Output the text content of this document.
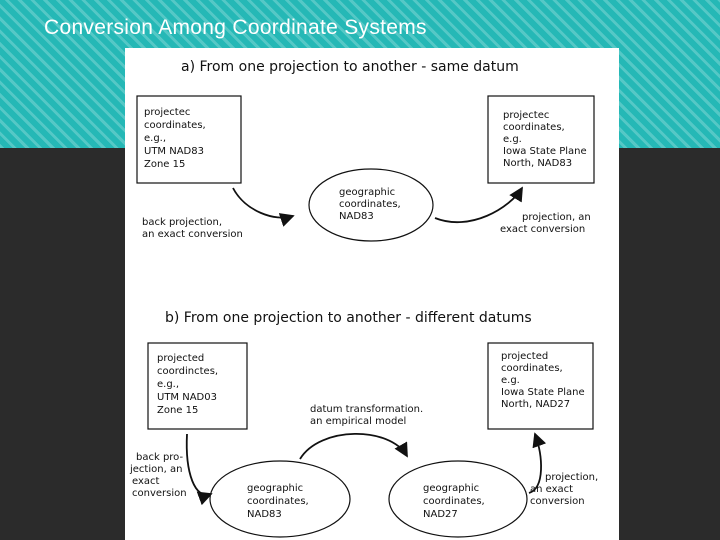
Conversion Among Coordinate Systems
a) From one projection to another - same datum
projectec
coordinates,
e.g.,
UTM NAD83
Zone 15
projectec
coordinates,
e.g.
Iowa State Plane
North, NAD83
geographic
coordinates,
NAD83
back projection,
an exact conversion
projection, an
exact conversion
b) From one projection to another - different datums
projected
coordinctes,
e.g.,
UTM NAD03
Zone 15
projected
coordinates,
e.g.
Iowa State Plane
North, NAD27
datum transformation.
an empirical model
geographic
coordinates,
NAD83
geographic
coordinates,
NAD27
back pro-
jection, an
exact
conversion
projection,
an exact
conversion
